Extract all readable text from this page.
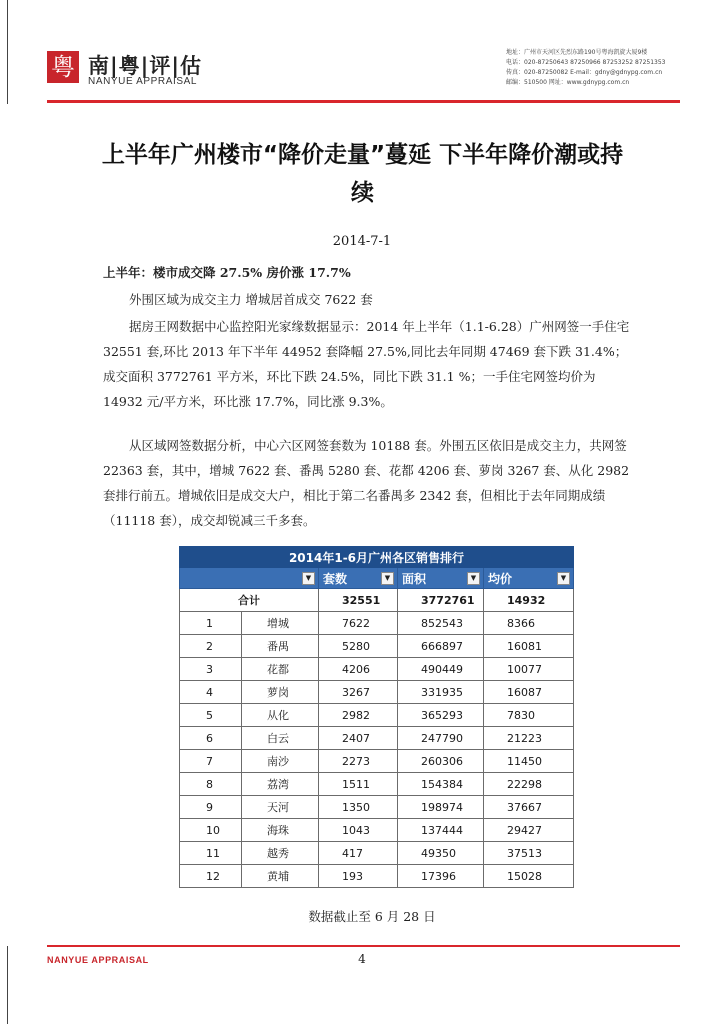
粤 南|粤|评|估
NANYUE APPRAISAL
地址：广州市天河区先烈东路190号粤海凯旋大厦9楼
电话：020-87250643 87250966 87253252 87251353
传真：020-87250082 E-mail：gdny@gdnypg.com.cn
邮编：510500 网址：www.gdnypg.com.cn
上半年广州楼市“降价走量”蔓延 下半年降价潮或持续
2014-7-1
上半年：楼市成交降 27.5% 房价涨 17.7%
外围区域为成交主力 增城居首成交 7622 套
据房王网数据中心监控阳光家缘数据显示：2014 年上半年（1.1-6.28）广州网签一手住宅 32551 套,环比 2013 年下半年 44952 套降幅 27.5%,同比去年同期 47469 套下跌 31.4%；成交面积 3772761 平方米，环比下跌 24.5%，同比下跌 31.1 %；一手住宅网签均价为 14932 元/平方米，环比涨 17.7%，同比涨 9.3%。
从区域网签数据分析，中心六区网签套数为 10188 套。外围五区依旧是成交主力，共网签 22363 套，其中，增城 7622 套、番禺 5280 套、花都 4206 套、萝岗 3267 套、从化 2982 套排行前五。增城依旧是成交大户，相比于第二名番禺多 2342 套，但相比于去年同期成绩（11118 套），成交却锐减三千多套。
2014年1-6月广州各区销售排行				

▼		套数 ▼	面积 ▼	均价 ▼

合计		32551	3772761	14932
1	增城	7622	852543	8366
2	番禺	5280	666897	16081
3	花都	4206	490449	10077
4	萝岗	3267	331935	16087
5	从化	2982	365293	7830
6	白云	2407	247790	21223
7	南沙	2273	260306	11450
8	荔湾	1511	154384	22298
9	天河	1350	198974	37667
10	海珠	1043	137444	29427
11	越秀	417	49350	37513
12	黄埔	193	17396	15028
数据截止至 6 月 28 日
NANYUE APPRAISAL	4
